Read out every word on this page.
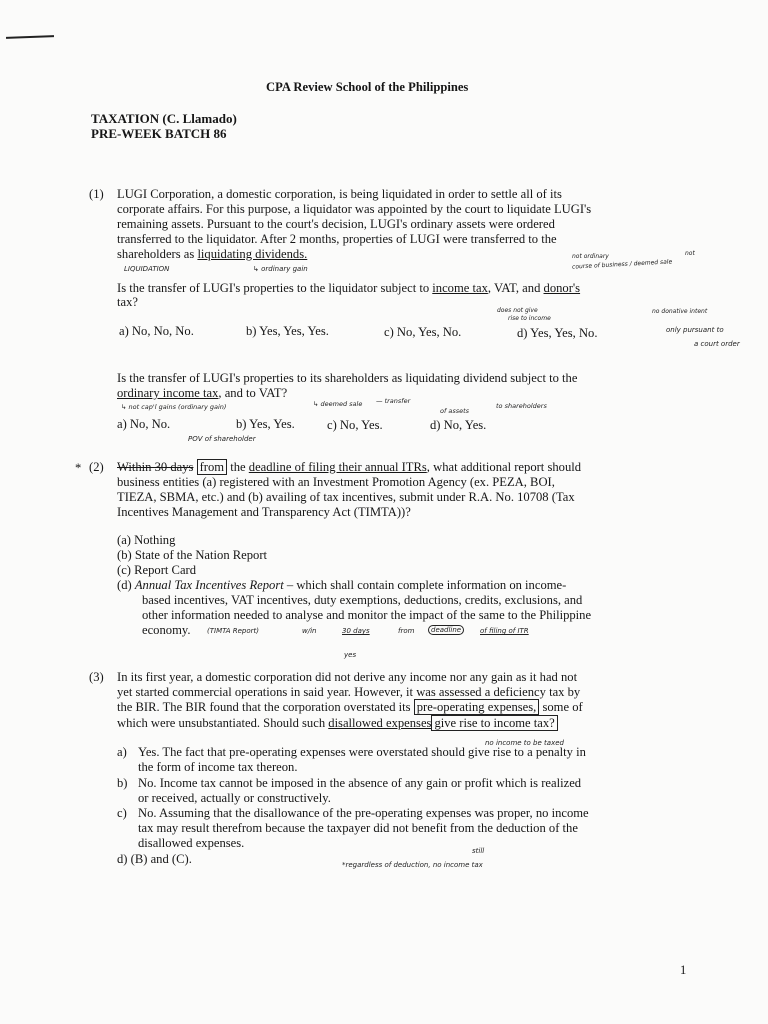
CPA Review School of the Philippines
TAXATION (C. Llamado)
PRE-WEEK BATCH 86
(1) LUGI Corporation, a domestic corporation, is being liquidated in order to settle all of its
corporate affairs. For this purpose, a liquidator was appointed by the court to liquidate LUGI's
remaining assets. Pursuant to the court's decision, LUGI's ordinary assets were ordered
transferred to the liquidator. After 2 months, properties of LUGI were transferred to the
shareholders as liquidating dividends.
LIQUIDATION	↳ ordinary gain
not ordinary	not
course of business / deemed sale
Is the transfer of LUGI's properties to the liquidator subject to income tax, VAT, and donor's
tax?
does not give
rise to income
no donative intent
a) No, No, No.	b) Yes, Yes, Yes.	c) No, Yes, No.	d) Yes, Yes, No.	only pursuant to
a court order
Is the transfer of LUGI's properties to its shareholders as liquidating dividend subject to the
ordinary income tax, and to VAT?
↳ not cap'l gains (ordinary gain)	↳ deemed sale — transfer
of assets
to shareholders
a) No, No.	b) Yes, Yes.	c) No, Yes.	d) No, Yes.
POV of shareholder
* (2) Within 30 days from the deadline of filing their annual ITRs, what additional report should
business entities (a) registered with an Investment Promotion Agency (ex. PEZA, BOI,
TIEZA, SBMA, etc.) and (b) availing of tax incentives, submit under R.A. No. 10708 (Tax
Incentives Management and Transparency Act (TIMTA))?
(a) Nothing
(b) State of the Nation Report
(c) Report Card
(d) Annual Tax Incentives Report – which shall contain complete information on income-
based incentives, VAT incentives, duty exemptions, deductions, credits, exclusions, and
other information needed to analyse and monitor the impact of the same to the Philippine
economy. (TIMTA Report)	w/in	30 days	from	deadline	of filing of ITR
yes
(3) In its first year, a domestic corporation did not derive any income nor any gain as it had not
yet started commercial operations in said year. However, it was assessed a deficiency tax by
the BIR. The BIR found that the corporation overstated its pre-operating expenses, some of
which were unsubstantiated. Should such disallowed expenses give rise to income tax?
no income to be taxed
a) Yes. The fact that pre-operating expenses were overstated should give rise to a penalty in
the form of income tax thereon.
b) No. Income tax cannot be imposed in the absence of any gain or profit which is realized
or received, actually or constructively.
c) No. Assuming that the disallowance of the pre-operating expenses was proper, no income
tax may result therefrom because the taxpayer did not benefit from the deduction of the
disallowed expenses.
d) (B) and (C).
still
*regardless of deduction, no income tax
1
